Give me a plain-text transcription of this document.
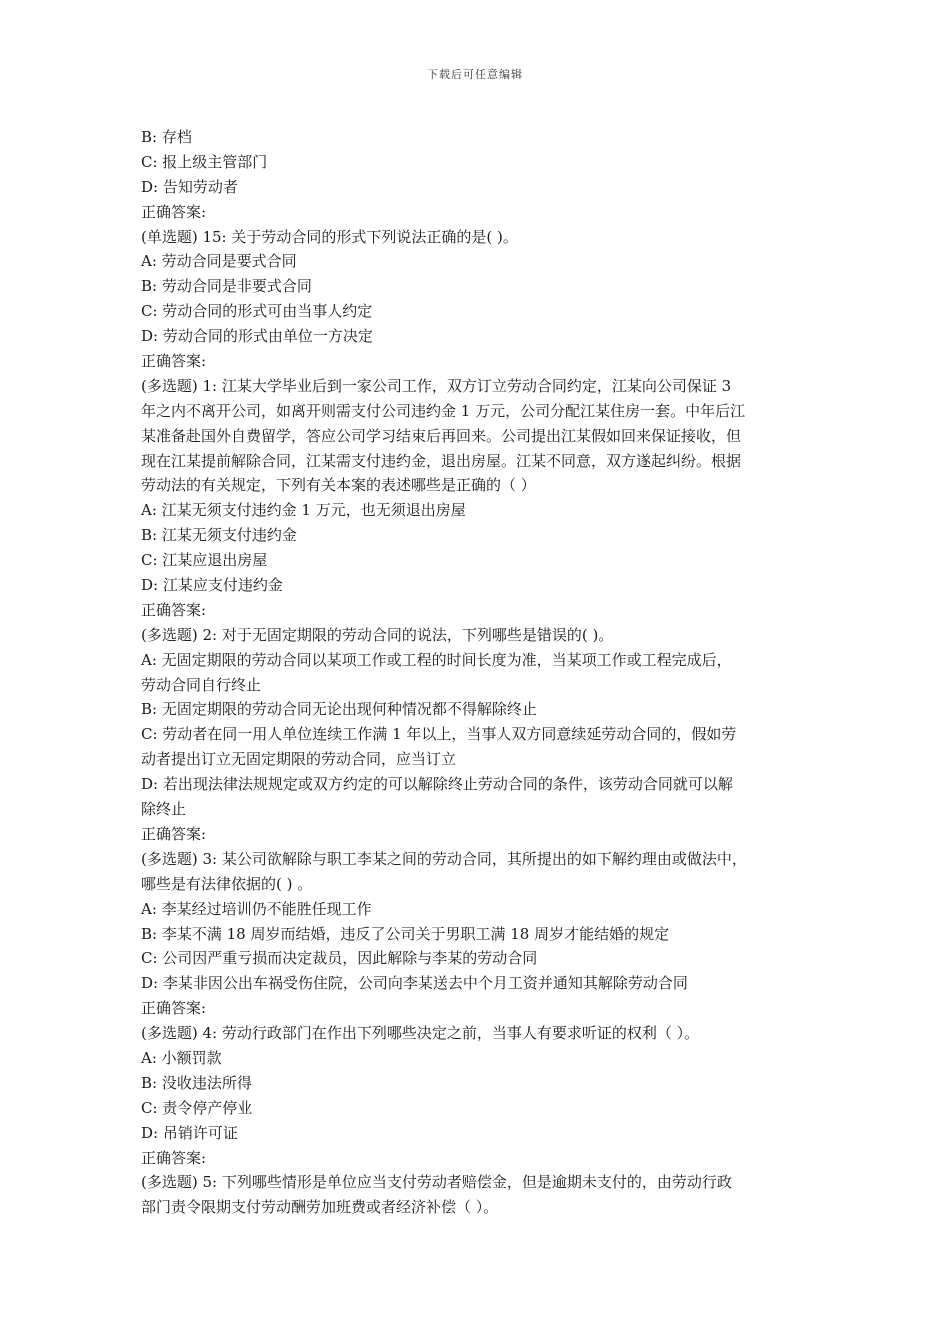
下载后可任意编辑
B: 存档
C: 报上级主管部门
D: 告知劳动者
正确答案:
(单选题) 15: 关于劳动合同的形式下列说法正确的是( )。
A: 劳动合同是要式合同
B: 劳动合同是非要式合同
C: 劳动合同的形式可由当事人约定
D: 劳动合同的形式由单位一方决定
正确答案:
(多选题) 1: 江某大学毕业后到一家公司工作，双方订立劳动合同约定，江某向公司保证 3
年之内不离开公司，如离开则需支付公司违约金 1 万元，公司分配江某住房一套。中年后江
某准备赴国外自费留学，答应公司学习结束后再回来。公司提出江某假如回来保证接收，但
现在江某提前解除合同，江某需支付违约金，退出房屋。江某不同意，双方遂起纠纷。根据
劳动法的有关规定，下列有关本案的表述哪些是正确的（ ）
A: 江某无须支付违约金 1 万元，也无须退出房屋
B: 江某无须支付违约金
C: 江某应退出房屋
D: 江某应支付违约金
正确答案:
(多选题) 2: 对于无固定期限的劳动合同的说法，下列哪些是错误的( )。
A: 无固定期限的劳动合同以某项工作或工程的时间长度为准，当某项工作或工程完成后，
劳动合同自行终止
B: 无固定期限的劳动合同无论出现何种情况都不得解除终止
C: 劳动者在同一用人单位连续工作满 1 年以上，当事人双方同意续延劳动合同的，假如劳
动者提出订立无固定期限的劳动合同，应当订立
D: 若出现法律法规规定或双方约定的可以解除终止劳动合同的条件，该劳动合同就可以解
除终止
正确答案:
(多选题) 3: 某公司欲解除与职工李某之间的劳动合同，其所提出的如下解约理由或做法中，
哪些是有法律依据的( ) 。
A: 李某经过培训仍不能胜任现工作
B: 李某不满 18 周岁而结婚，违反了公司关于男职工满 18 周岁才能结婚的规定
C: 公司因严重亏损而决定裁员，因此解除与李某的劳动合同
D: 李某非因公出车祸受伤住院，公司向李某送去中个月工资并通知其解除劳动合同
正确答案:
(多选题) 4: 劳动行政部门在作出下列哪些决定之前，当事人有要求听证的权利（ ）。
A: 小额罚款
B: 没收违法所得
C: 责令停产停业
D: 吊销许可证
正确答案:
(多选题) 5: 下列哪些情形是单位应当支付劳动者赔偿金，但是逾期未支付的，由劳动行政
部门责令限期支付劳动酬劳加班费或者经济补偿（ ）。
